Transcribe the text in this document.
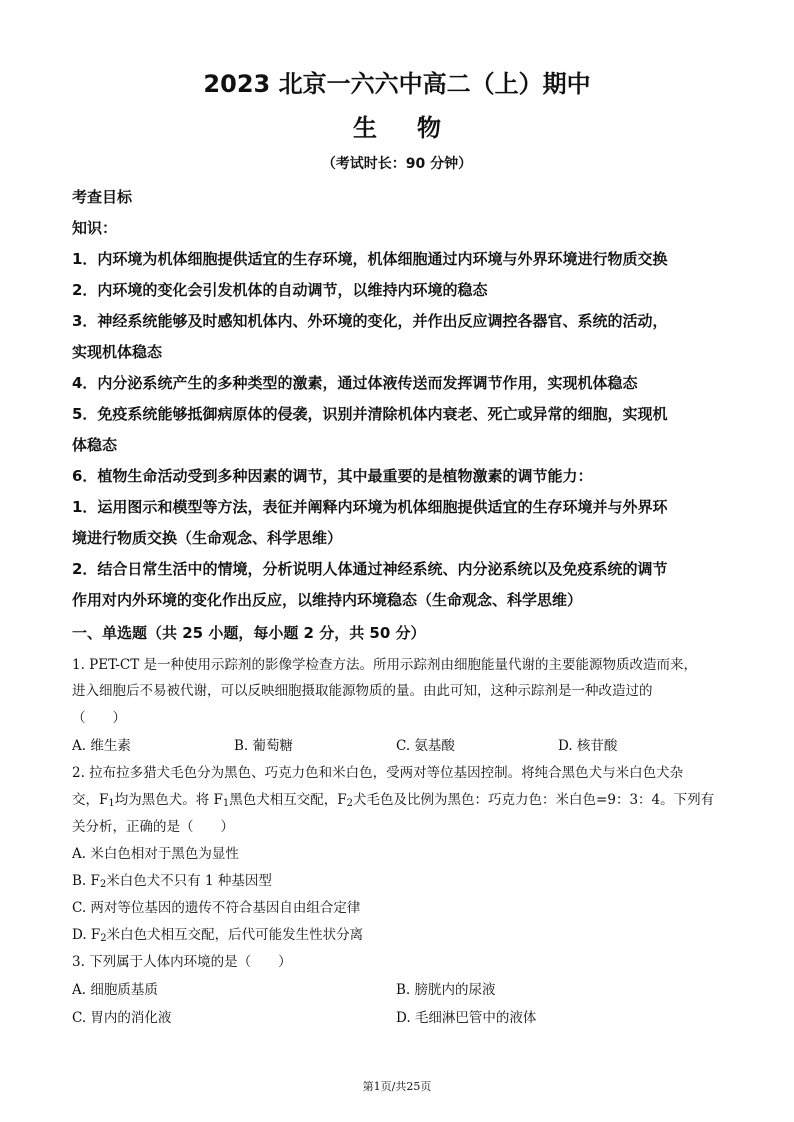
2023 北京一六六中高二（上）期中
生物
（考试时长：90 分钟）
考查目标
知识：
1．内环境为机体细胞提供适宜的生存环境，机体细胞通过内环境与外界环境进行物质交换
2．内环境的变化会引发机体的自动调节，以维持内环境的稳态
3．神经系统能够及时感知机体内、外环境的变化，并作出反应调控各器官、系统的活动，
实现机体稳态
4．内分泌系统产生的多种类型的激素，通过体液传送而发挥调节作用，实现机体稳态
5．免疫系统能够抵御病原体的侵袭，识别并清除机体内衰老、死亡或异常的细胞，实现机
体稳态
6．植物生命活动受到多种因素的调节，其中最重要的是植物激素的调节能力：
1．运用图示和模型等方法，表征并阐释内环境为机体细胞提供适宜的生存环境并与外界环
境进行物质交换（生命观念、科学思维）
2．结合日常生活中的情境，分析说明人体通过神经系统、内分泌系统以及免疫系统的调节
作用对内外环境的变化作出反应，以维持内环境稳态（生命观念、科学思维）
一、单选题（共 25 小题，每小题 2 分，共 50 分）
1. PET-CT 是一种使用示踪剂的影像学检查方法。所用示踪剂由细胞能量代谢的主要能源物质改造而来，
进入细胞后不易被代谢，可以反映细胞摄取能源物质的量。由此可知，这种示踪剂是一种改造过的
（　　）
A. 维生素	B. 葡萄糖	C. 氨基酸	D. 核苷酸
2. 拉布拉多猎犬毛色分为黑色、巧克力色和米白色，受两对等位基因控制。将纯合黑色犬与米白色犬杂
交，$F_1$均为黑色犬。将 $F_1$黑色犬相互交配，$F_2$犬毛色及比例为黑色：巧克力色：米白色=9：3：4。下列有
关分析，正确的是（　　）
A. 米白色相对于黑色为显性
B. $F_2$米白色犬不只有 1 种基因型
C. 两对等位基因的遗传不符合基因自由组合定律
D. $F_2$米白色犬相互交配，后代可能发生性状分离
3. 下列属于人体内环境的是（　　）
A. 细胞质基质	B. 膀胱内的尿液
C. 胃内的消化液	D. 毛细淋巴管中的液体
第1页/共25页
